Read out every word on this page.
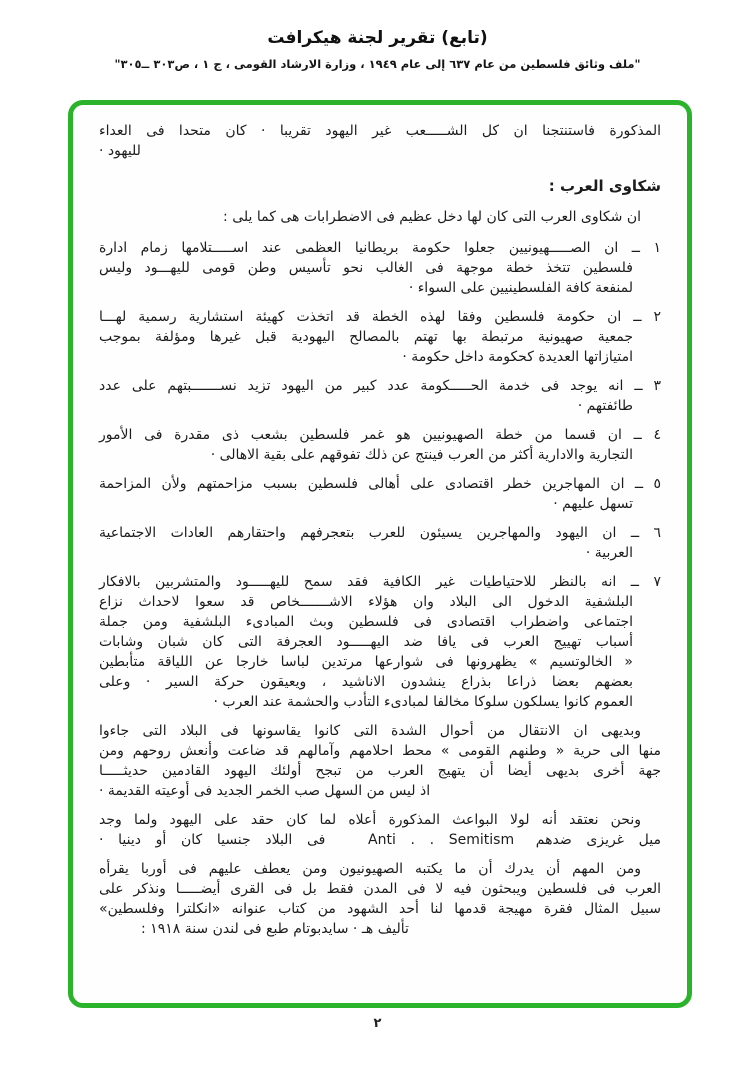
(تابع) تقرير لجنة هيكرافت
"ملف وثائق فلسطين من عام ٦٣٧ إلى عام ١٩٤٩ ، وزارة الارشاد القومى ، ج ١ ، ص٣٠٣ ــ٣٠٥"
المذكورة فاستنتجنا ان كل الشـــــعب غير اليهود تقريبا · كان متحدا فى العداء
لليهود ·
شكاوى العرب :
ان شكاوى العرب التى كان لها دخل عظيم فى الاضطرابات هى كما يلى :
١ ــ ان الصـــــهيونيين جعلوا حكومة بريطانيا العظمى عند اســـــتلامها زمام ادارة
فلسطين تتخذ خطة موجهة فى الغالب نحو تأسيس وطن قومى لليهـــود وليس
لمنفعة كافة الفلسطينيين على السواء ·
٢ ــ ان حكومة فلسطين وفقا لهذه الخطة قد اتخذت كهيئة استشارية رسمية لهـــا
جمعية صهيونية مرتبطة بها تهتم بالمصالح اليهودية قبل غيرها ومؤلفة بموجب
امتيازاتها العديدة كحكومة داخل حكومة ·
٣ ــ انه يوجد فى خدمة الحـــــكومة عدد كبير من اليهود تزيد نســـــــبتهم على عدد
طائفتهم ·
٤ ــ ان قسما من خطة الصهيونيين هو غمر فلسطين بشعب ذى مقدرة فى الأمور
التجارية والادارية أكثر من العرب فينتج عن ذلك تفوقهم على بقية الاهالى ·
٥ ــ ان المهاجرين خطر اقتصادى على أهالى فلسطين بسبب مزاحمتهم ولأن المزاحمة
تسهل عليهم ·
٦ ــ ان اليهود والمهاجرين يسيئون للعرب بتعجرفهم واحتقارهم العادات الاجتماعية
العربية ·
٧ ــ انه بالنظر للاحتياطيات غير الكافية فقد سمح لليهـــــود والمتشربين بالافكار
البلشفية الدخول الى البلاد وان هؤلاء الاشـــــــخاص قد سعوا لاحداث نزاع
اجتماعى واضطراب اقتصادى فى فلسطين وبث المبادىء البلشفية ومن جملة
أسباب تهييج العرب فى يافا ضد اليهـــــود العجرفة التى كان شبان وشابات
« الخالوتسيم » يظهرونها فى شوارعها مرتدين لباسا خارجا عن اللياقة متأبطين
بعضهم بعضا ذراعا بذراع ينشدون الاناشيد ، ويعيقون حركة السير · وعلى
العموم كانوا يسلكون سلوكا مخالفا لمبادىء التأدب والحشمة عند العرب ·
وبديهى ان الانتقال من أحوال الشدة التى كانوا يقاسونها فى البلاد التى جاءوا
منها الى حرية « وطنهم القومى » محط احلامهم وآمالهم قد ضاعت وأنعش روحهم ومن
جهة أخرى بديهى أيضا أن يتهيج العرب من تبجح أولئك اليهود القادمين حديثـــــا
اذ ليس من السهل صب الخمر الجديد فى أوعيته القديمة ·
ونحن نعتقد أنه لولا البواعث المذكورة أعلاه لما كان حقد على اليهود ولما وجد
ميل غريزى ضدهم  Anti . . Semitism   فى البلاد جنسيا كان أو دينيا ·
ومن المهم أن يدرك أن ما يكتبه الصهيونيون ومن يعطف عليهم فى أوربا يقرأه
العرب فى فلسطين ويبحثون فيه لا فى المدن فقط بل فى القرى أيضـــــا ونذكر على
سبيل المثال فقرة مهيجة قدمها لنا أحد الشهود من كتاب عنوانه «انكلترا وفلسطين»
تأليف هـ · سايدبوتام طبع فى لندن سنة ١٩١٨ :
٢
